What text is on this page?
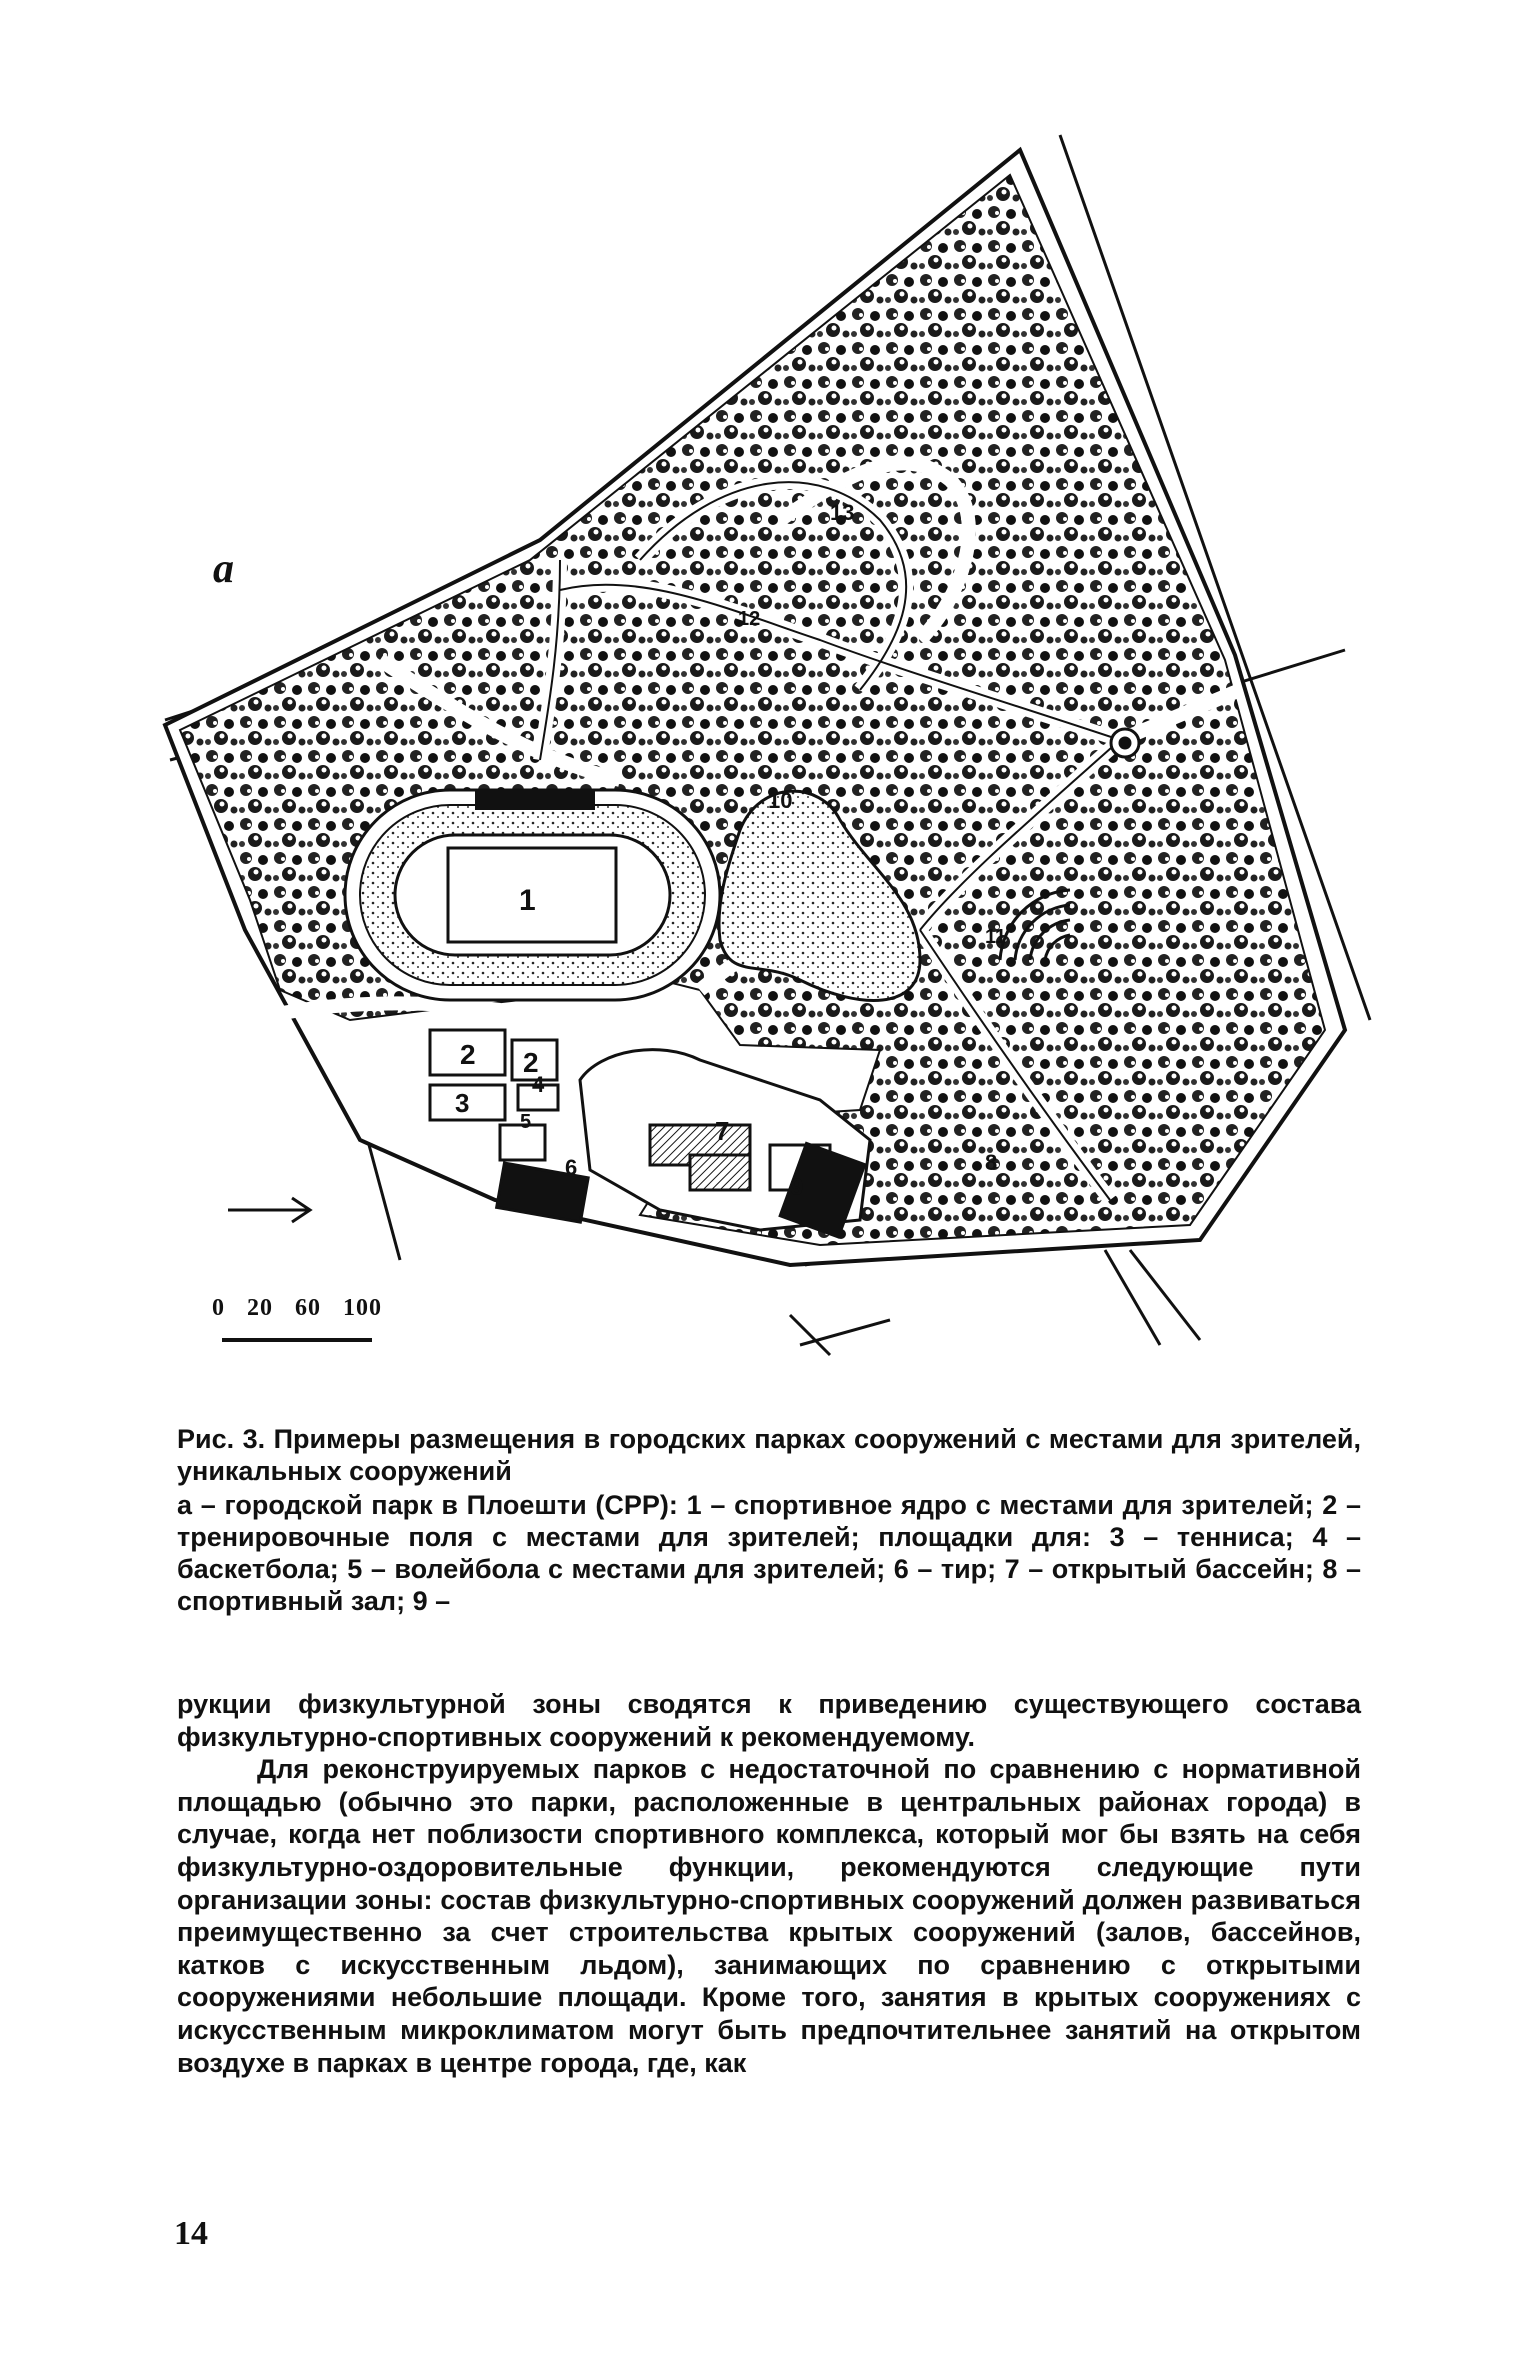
1
2 2
3
4
5
6
7
8
9
10
11
12
13
a
0 20 60 100

Рис. 3. Примеры размещения в городских парках сооружений с местами для зрителей, уникальных сооружений

а – городской парк в Плоешти (СРР): 1 – спортивное ядро с местами для зрителей; 2 – тренировочные поля с местами для зрителей; площадки для: 3 – тенниса; 4 – баскетбола; 5 – волейбола с местами для зрителей; 6 – тир; 7 – открытый бассейн; 8 – спортивный зал; 9 –

рукции физкультурной зоны сводятся к приведению существующего состава физкультурно-спортивных сооружений к рекомендуемому.

Для реконструируемых парков с недостаточной по сравнению с нормативной площадью (обычно это парки, расположенные в центральных районах города) в случае, когда нет поблизости спортивного комплекса, который мог бы взять на себя физкультурно-оздоровительные функции, рекомендуются следующие пути организации зоны: состав физкультурно-спортивных сооружений должен развиваться преимущественно за счет строительства крытых сооружений (залов, бассейнов, катков с искусственным льдом), занимающих по сравнению с открытыми сооружениями небольшие площади. Кроме того, занятия в крытых сооружениях с искусственным микроклиматом могут быть предпочтительнее занятий на открытом воздухе в парках в центре города, где, как

14
